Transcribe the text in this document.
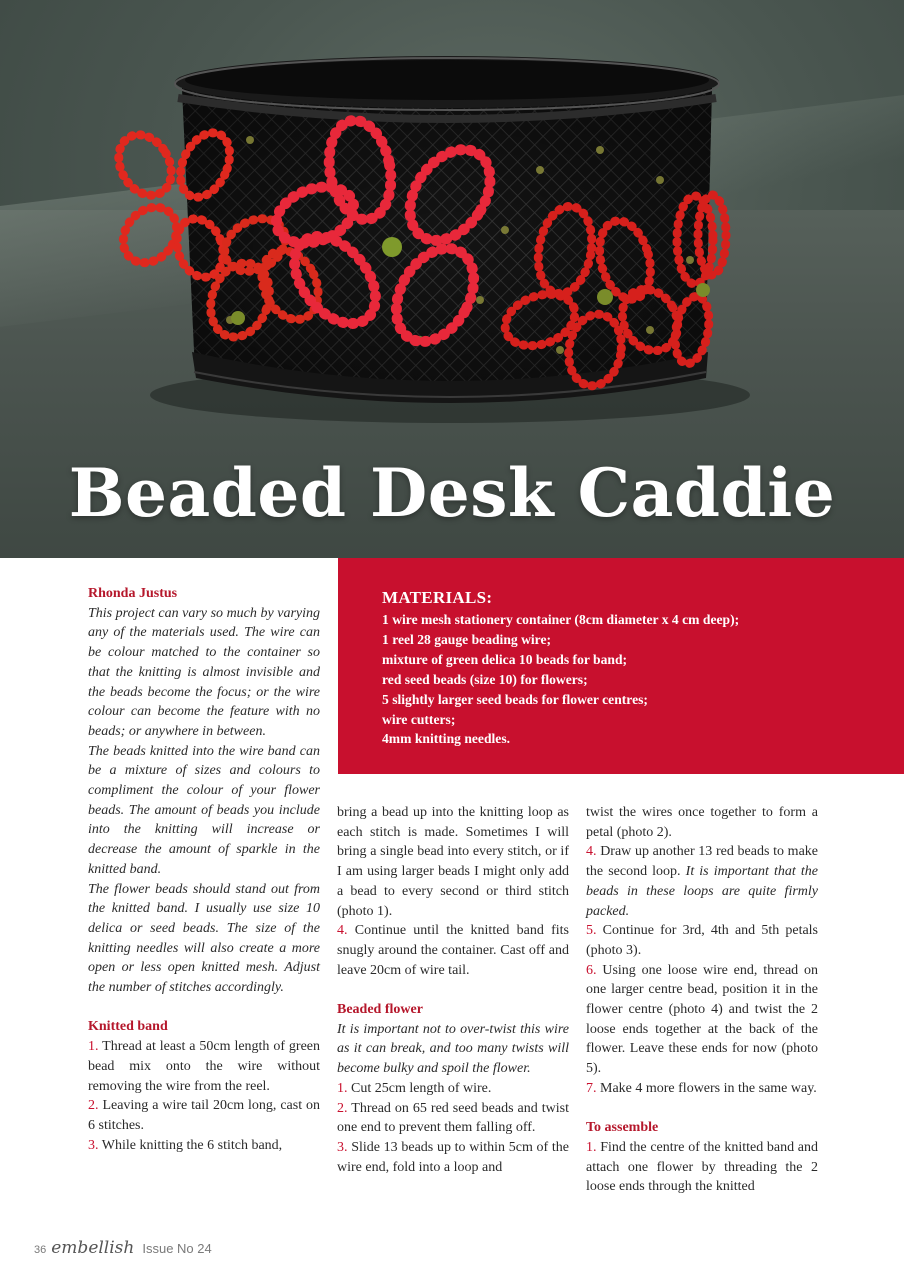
Beaded Desk Caddie
MATERIALS:
1 wire mesh stationery container (8cm diameter x 4 cm deep);
1 reel 28 gauge beading wire;
mixture of green delica 10 beads for band;
red seed beads (size 10) for flowers;
5 slightly larger seed beads for flower centres;
wire cutters;
4mm knitting needles.

Rhonda Justus

This project can vary so much by varying any of the materials used. The wire can be colour matched to the container so that the knitting is almost invisible and the beads become the focus; or the wire colour can become the feature with no beads; or anywhere in between.

The beads knitted into the wire band can be a mixture of sizes and colours to compliment the colour of your flower beads. The amount of beads you include into the knitting will increase or decrease the amount of sparkle in the knitted band.

The flower beads should stand out from the knitted band. I usually use size 10 delica or seed beads. The size of the knitting needles will also create a more open or less open knitted mesh. Adjust the number of stitches accordingly.

Knitted band

1. Thread at least a 50cm length of green bead mix onto the wire without removing the wire from the reel.

2. Leaving a wire tail 20cm long, cast on 6 stitches.

3. While knitting the 6 stitch band,

bring a bead up into the knitting loop as each stitch is made. Sometimes I will bring a single bead into every stitch, or if I am using larger beads I might only add a bead to every second or third stitch (photo 1).

4. Continue until the knitted band fits snugly around the container. Cast off and leave 20cm of wire tail.

Beaded flower

It is important not to over-twist this wire as it can break, and too many twists will become bulky and spoil the flower.

1. Cut 25cm length of wire.

2. Thread on 65 red seed beads and twist one end to prevent them falling off.

3. Slide 13 beads up to within 5cm of the wire end, fold into a loop and

twist the wires once together to form a petal (photo 2).

4. Draw up another 13 red beads to make the second loop. It is important that the beads in these loops are quite firmly packed.

5. Continue for 3rd, 4th and 5th petals (photo 3).

6. Using one loose wire end, thread on one larger centre bead, position it in the flower centre (photo 4) and twist the 2 loose ends together at the back of the flower. Leave these ends for now (photo 5).

7. Make 4 more flowers in the same way.

To assemble

1. Find the centre of the knitted band and attach one flower by threading the 2 loose ends through the knitted

36 embellish Issue No 24
